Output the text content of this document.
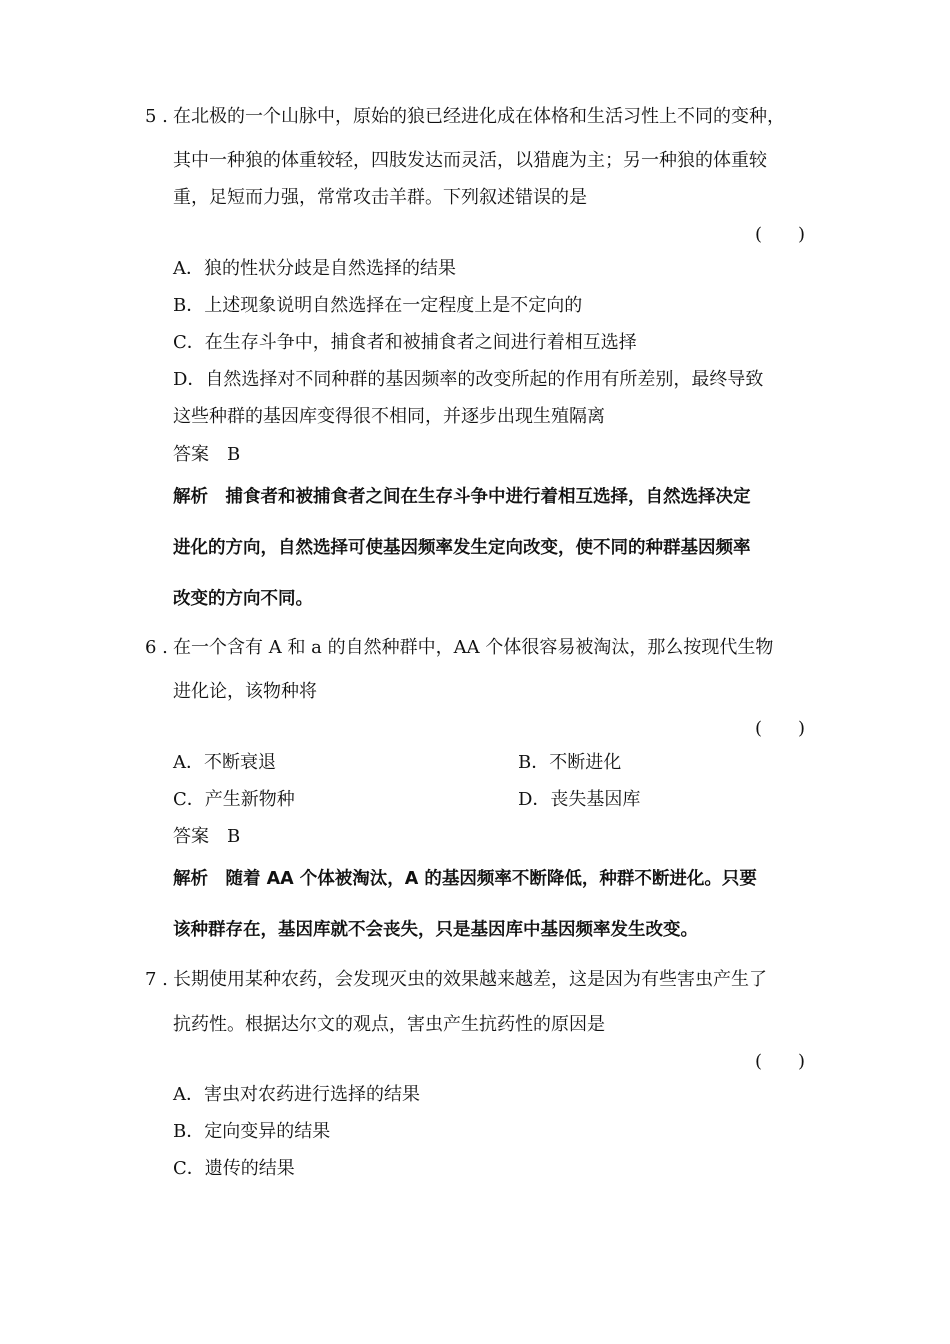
5 . 在北极的一个山脉中，原始的狼已经进化成在体格和生活习性上不同的变种，
其中一种狼的体重较轻，四肢发达而灵活，以猎鹿为主；另一种狼的体重较
重，足短而力强，常常攻击羊群。下列叙述错误的是
(　　)
A．狼的性状分歧是自然选择的结果
B．上述现象说明自然选择在一定程度上是不定向的
C．在生存斗争中，捕食者和被捕食者之间进行着相互选择
D．自然选择对不同种群的基因频率的改变所起的作用有所差别，最终导致
这些种群的基因库变得很不相同，并逐步出现生殖隔离
答案　B
解析　捕食者和被捕食者之间在生存斗争中进行着相互选择，自然选择决定
进化的方向，自然选择可使基因频率发生定向改变，使不同的种群基因频率
改变的方向不同。
6 . 在一个含有 A 和 a 的自然种群中，AA 个体很容易被淘汰，那么按现代生物
进化论，该物种将
(　　)
A．不断衰退	B．不断进化
C．产生新物种	D．丧失基因库
答案　B
解析　随着 AA 个体被淘汰，A 的基因频率不断降低，种群不断进化。只要
该种群存在，基因库就不会丧失，只是基因库中基因频率发生改变。
7 . 长期使用某种农药，会发现灭虫的效果越来越差，这是因为有些害虫产生了
抗药性。根据达尔文的观点，害虫产生抗药性的原因是
(　　)
A．害虫对农药进行选择的结果
B．定向变异的结果
C．遗传的结果
